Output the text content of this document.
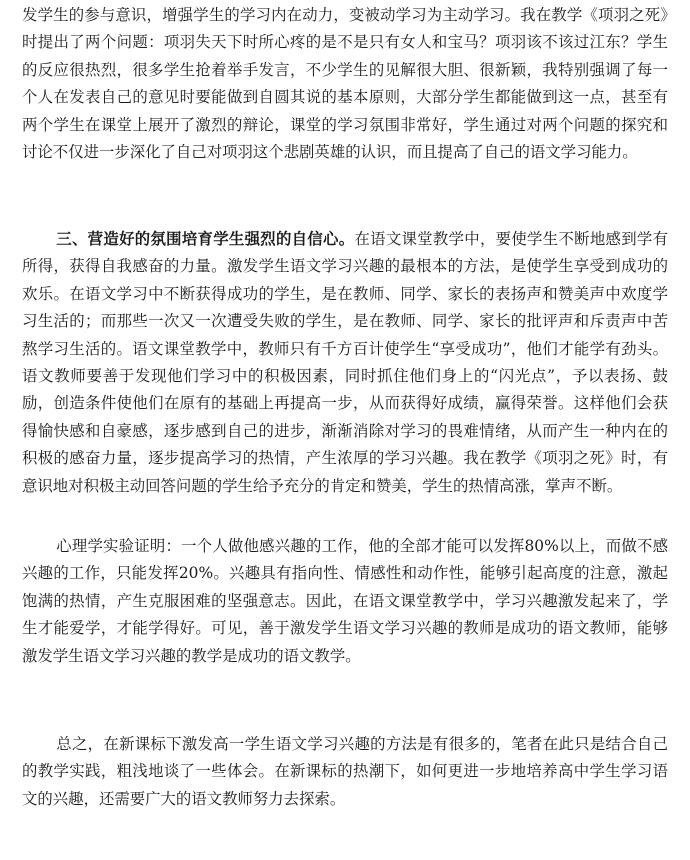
发学生的参与意识，增强学生的学习内在动力，变被动学习为主动学习。我在教学《项羽之死》时提出了两个问题：项羽失天下时所心疼的是不是只有女人和宝马？项羽该不该过江东？学生的反应很热烈，很多学生抢着举手发言，不少学生的见解很大胆、很新颖，我特别强调了每一个人在发表自己的意见时要能做到自圆其说的基本原则，大部分学生都能做到这一点，甚至有两个学生在课堂上展开了激烈的辩论，课堂的学习氛围非常好，学生通过对两个问题的探究和讨论不仅进一步深化了自己对项羽这个悲剧英雄的认识，而且提高了自己的语文学习能力。

三、营造好的氛围培育学生强烈的自信心。在语文课堂教学中，要使学生不断地感到学有所得，获得自我感奋的力量。激发学生语文学习兴趣的最根本的方法，是使学生享受到成功的欢乐。在语文学习中不断获得成功的学生，是在教师、同学、家长的表扬声和赞美声中欢度学习生活的；而那些一次又一次遭受失败的学生，是在教师、同学、家长的批评声和斥责声中苦熬学习生活的。语文课堂教学中，教师只有千方百计使学生“享受成功”，他们才能学有劲头。语文教师要善于发现他们学习中的积极因素，同时抓住他们身上的“闪光点”，予以表扬、鼓励，创造条件使他们在原有的基础上再提高一步，从而获得好成绩，赢得荣誉。这样他们会获得愉快感和自豪感，逐步感到自己的进步，渐渐消除对学习的畏难情绪，从而产生一种内在的积极的感奋力量，逐步提高学习的热情，产生浓厚的学习兴趣。我在教学《项羽之死》时，有意识地对积极主动回答问题的学生给予充分的肯定和赞美，学生的热情高涨，掌声不断。

心理学实验证明：一个人做他感兴趣的工作，他的全部才能可以发挥80%以上，而做不感兴趣的工作，只能发挥20%。兴趣具有指向性、情感性和动作性，能够引起高度的注意，激起饱满的热情，产生克服困难的坚强意志。因此，在语文课堂教学中，学习兴趣激发起来了，学生才能爱学，才能学得好。可见，善于激发学生语文学习兴趣的教师是成功的语文教师，能够激发学生语文学习兴趣的教学是成功的语文教学。

总之，在新课标下激发高一学生语文学习兴趣的方法是有很多的，笔者在此只是结合自己的教学实践，粗浅地谈了一些体会。在新课标的热潮下，如何更进一步地培养高中学生学习语文的兴趣，还需要广大的语文教师努力去探索。
